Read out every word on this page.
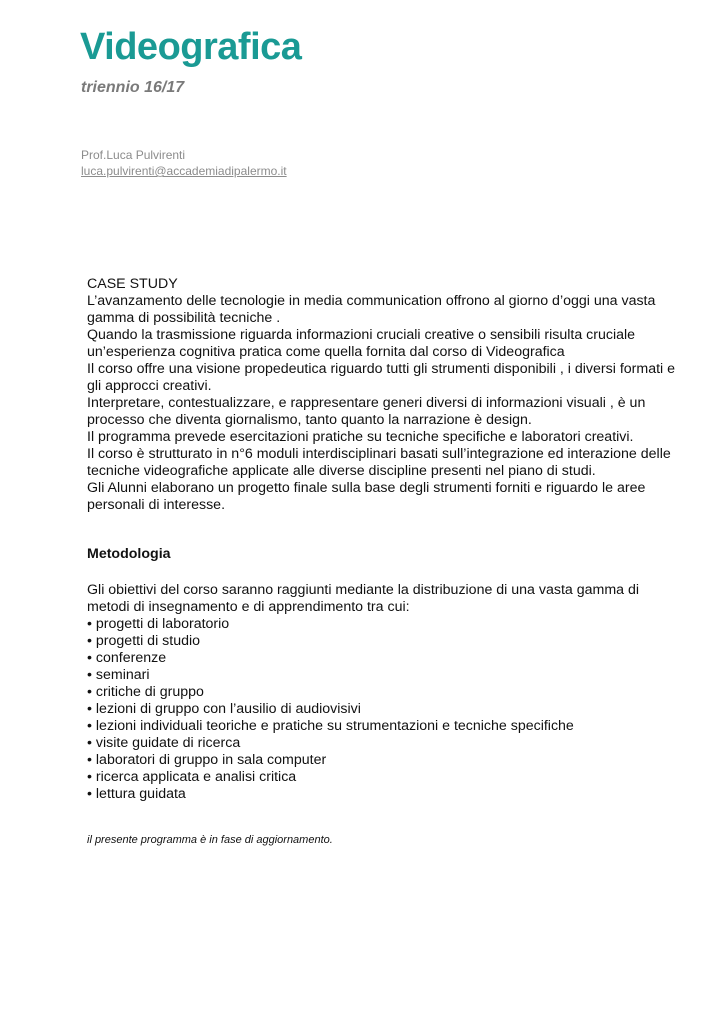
Videografica
triennio 16/17
Prof.Luca Pulvirenti
luca.pulvirenti@accademiadipalermo.it

CASE STUDY

L’avanzamento delle tecnologie in media communication offrono al giorno d’oggi una vasta gamma di possibilità tecniche .

Quando la trasmissione riguarda informazioni cruciali creative o sensibili risulta cruciale un’esperienza cognitiva pratica come quella fornita dal corso di Videografica

Il corso offre una visione propedeutica riguardo tutti gli strumenti disponibili , i diversi formati e gli approcci creativi.

Interpretare, contestualizzare, e rappresentare generi diversi di informazioni visuali , è un processo che diventa giornalismo, tanto quanto la narrazione è design.

Il programma prevede esercitazioni pratiche su tecniche specifiche e laboratori creativi.

Il corso è strutturato in n°6 moduli interdisciplinari basati sull’integrazione ed interazione delle tecniche videografiche applicate alle diverse discipline presenti nel piano di studi.

Gli Alunni elaborano un progetto finale sulla base degli strumenti forniti e riguardo le aree personali di interesse.

Metodologia

Gli obiettivi del corso saranno raggiunti mediante la distribuzione di una vasta gamma di metodi di insegnamento e di apprendimento tra cui:

• progetti di laboratorio
• progetti di studio
• conferenze
• seminari
• critiche di gruppo
• lezioni di gruppo con l’ausilio di audiovisivi
• lezioni individuali teoriche e pratiche su strumentazioni e tecniche specifiche
• visite guidate di ricerca
• laboratori di gruppo in sala computer
• ricerca applicata e analisi critica
• lettura guidata
il presente programma è in fase di aggiornamento.
